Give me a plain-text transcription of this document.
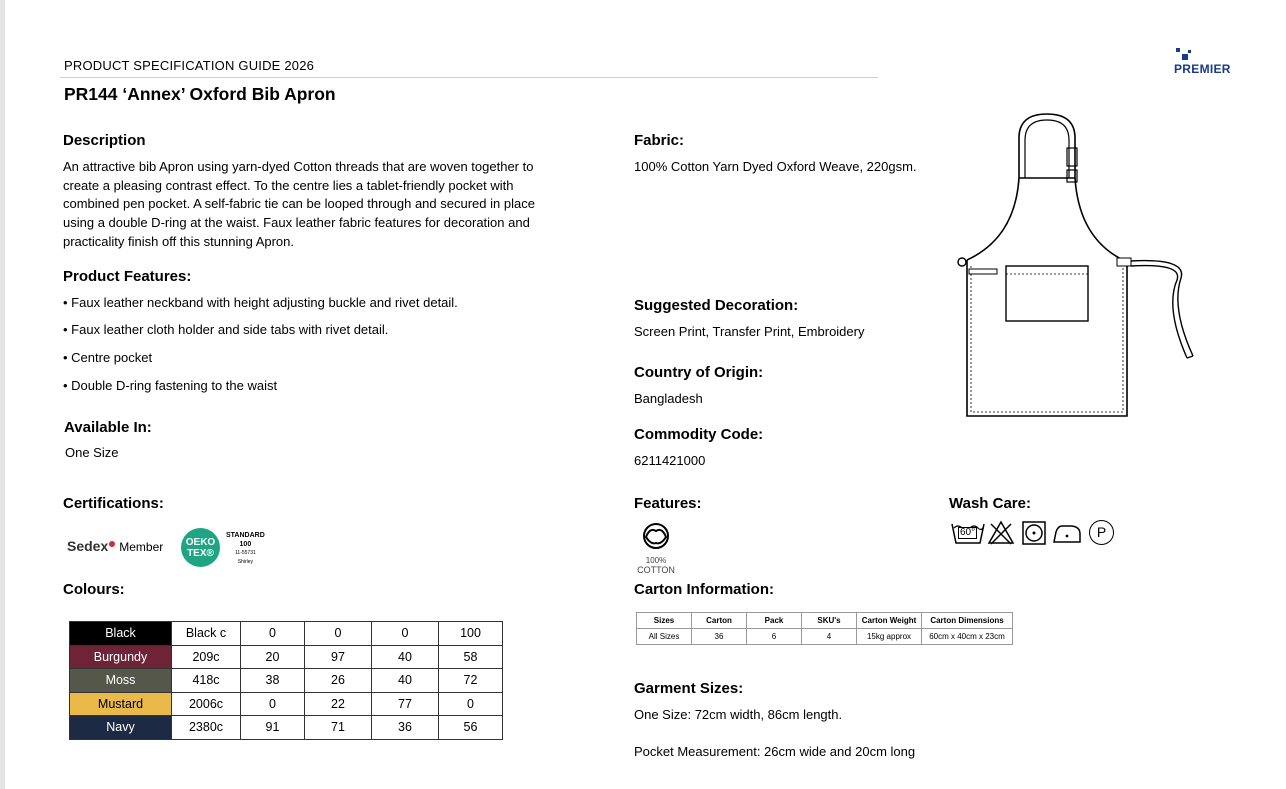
PRODUCT SPECIFICATION GUIDE 2026
PR144 ‘Annex’ Oxford Bib Apron
PREMIER
Description
An attractive bib Apron using yarn-dyed Cotton threads that are woven together to
create a pleasing contrast effect. To the centre lies a tablet-friendly pocket with
combined pen pocket. A self-fabric tie can be looped through and secured in place
using a double D-ring at the waist. Faux leather fabric features for decoration and
practicality finish off this stunning Apron.
Product Features:
• Faux leather neckband with height adjusting buckle and rivet detail.
• Faux leather cloth holder and side tabs with rivet detail.
• Centre pocket
• Double D-ring fastening to the waist
Available In:
One Size
Certifications:
Sedex Member	OEKO
TEX®
STANDARD
100
11-55731
Shirley
Colours:
Black	Black c	0	0	0	100
Burgundy	209c	20	97	40	58
Moss	418c	38	26	40	72
Mustard	2006c	0	22	77	0
Navy	2380c	91	71	36	56
Fabric:
100% Cotton Yarn Dyed Oxford Weave, 220gsm.
Suggested Decoration:
Screen Print, Transfer Print, Embroidery
Country of Origin:
Bangladesh
Commodity Code:
6211421000
Features:
100%
COTTON
Carton Information:
Sizes	Carton	Pack	SKU's	Carton Weight	Carton Dimensions
All Sizes	36	6	4	15kg approx	60cm x 40cm x 23cm
Garment Sizes:
One Size: 72cm width, 86cm length.
Pocket Measurement: 26cm wide and 20cm long
Wash Care:
60°	P
